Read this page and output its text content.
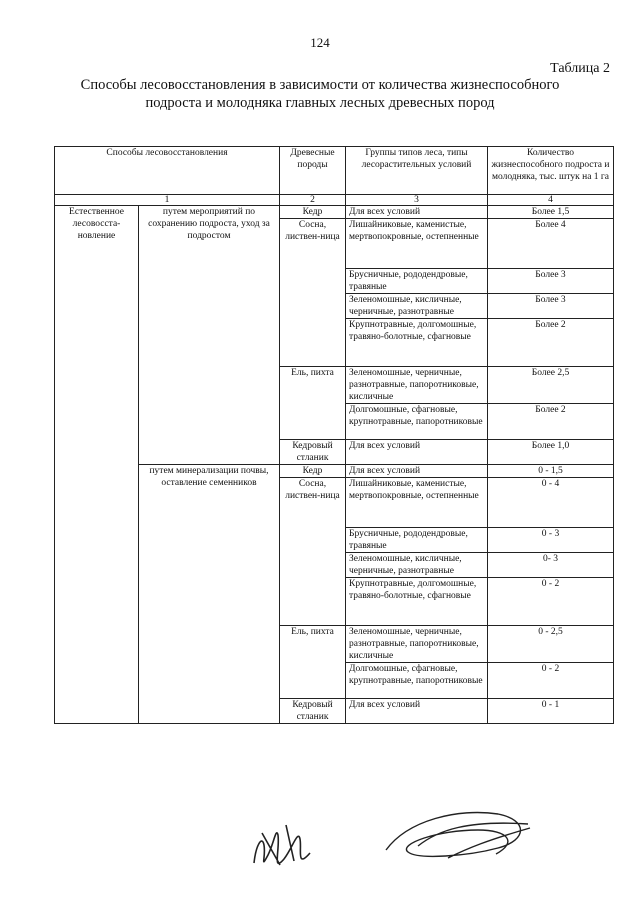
124
Таблица 2
Способы лесовосстановления в зависимости от количества жизнеспособного подроста и молодняка главных лесных древесных пород
Способы лесовосстановления		Древесные породы	Группы типов леса, типы лесорастительных условий	Количество жизнеспособного подроста и молодняка, тыс. штук на 1 га
1		2	3	4
Естественное лесовосста-новление	путем мероприятий по сохранению подроста, уход за подростом	Кедр	Для всех условий	Более 1,5
		Сосна, листвен-ница	Лишайниковые, каменистые, мертвопокровные, остепненные	Более 4
			Брусничные, рододендровые, травяные	Более 3
			Зеленомошные, кисличные, черничные, разнотравные	Более 3
			Крупнотравные, долгомошные, травяно-болотные, сфагновые	Более 2
		Ель, пихта	Зеленомошные, черничные, разнотравные, папоротниковые, кисличные	Более 2,5
			Долгомошные, сфагновые, крупнотравные, папоротниковые	Более 2
		Кедровый стланик	Для всех условий	Более 1,0
	путем минерализации почвы, оставление семенников	Кедр	Для всех условий	0 - 1,5
		Сосна, листвен-ница	Лишайниковые, каменистые, мертвопокровные, остепненные	0 - 4
			Брусничные, рододендровые, травяные	0 - 3
			Зеленомошные, кисличные, черничные, разнотравные	0- 3
			Крупнотравные, долгомошные, травяно-болотные, сфагновые	0 - 2
		Ель, пихта	Зеленомошные, черничные, разнотравные, папоротниковые, кисличные	0 - 2,5
			Долгомошные, сфагновые, крупнотравные, папоротниковые	0 - 2
		Кедровый стланик	Для всех условий	0 - 1
